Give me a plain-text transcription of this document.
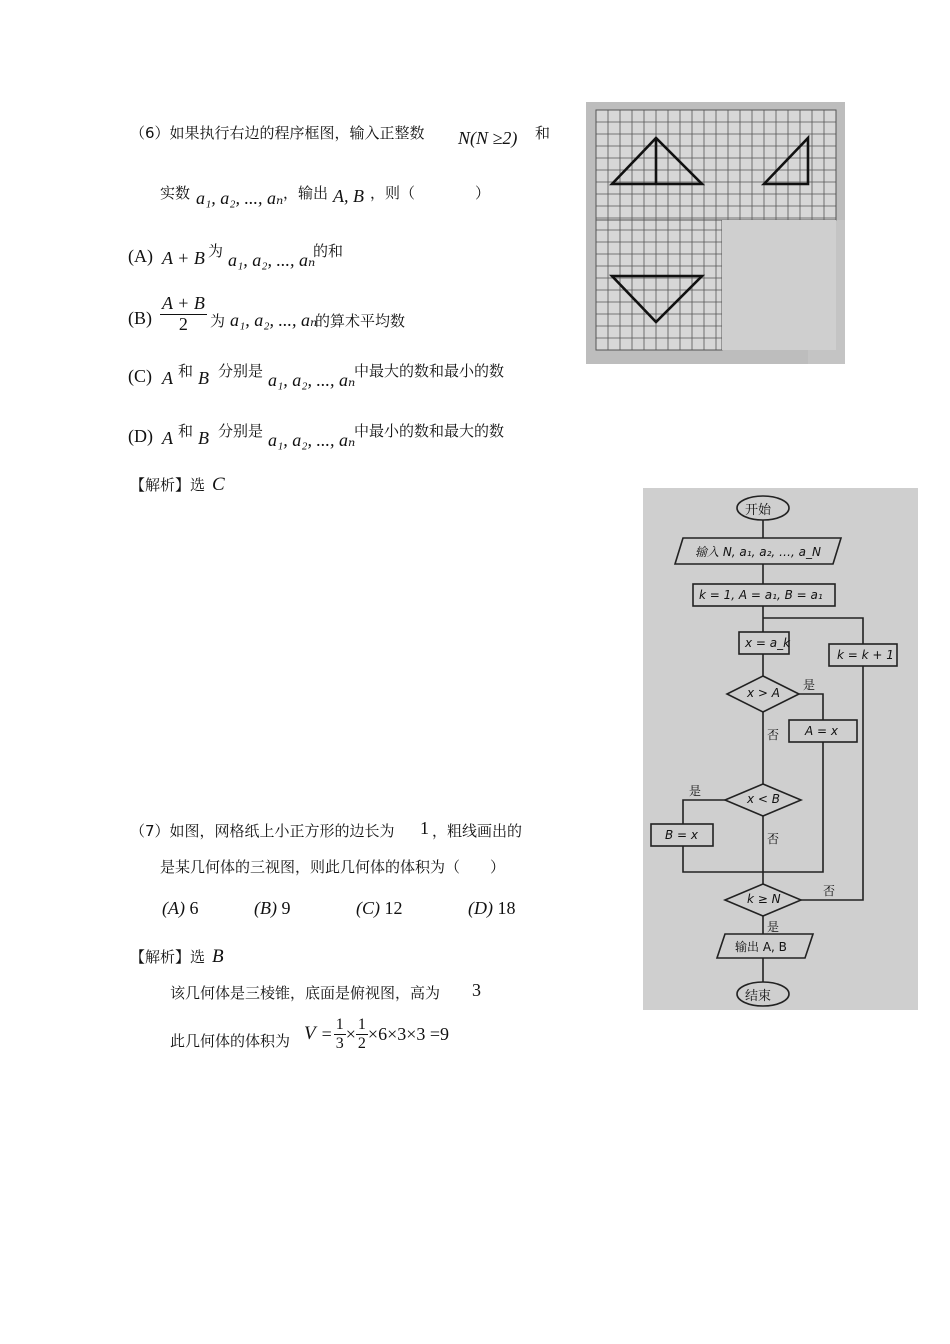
（6）如果执行右边的程序框图，输入正整数 N(N ≥2) 和
实数 a₁, a₂, ..., aₙ ，输出 A, B ，则（　　　　）
(A) A + B 为 a₁, a₂, ..., aₙ
的和
$(B) \frac{A + B}{2}$ 为 a₁, a₂, ..., aₙ
的算术平均数
(C) A 和 B 分别是 a₁, a₂, ..., aₙ
中最大的数和最小的数
(D) A 和 B 分别是 a₁, a₂, ..., aₙ
中最小的数和最大的数
【解析】选 C
（7）如图，网格纸上小正方形的边长为 1 ，粗线画出的
是某几何体的三视图，则此几何体的体积为（　　）
(A) 6	(B) 9	(C) 12	(D) 18
【解析】选 B
该几何体是三棱锥，底面是俯视图，高为 3
此几何体的体积为 $V = \frac{1}{3} \times \frac{1}{2} \times 6\times 3\times 3 =9$
开始
输入 N, a₁, a₂, …, a_N
k = 1, A = a₁, B = a₁
x = a_k
x > A
是
A = x
否
x < B
是
B = x	否
k ≥ N
否
是
k = k + 1
输出 A, B
结束
